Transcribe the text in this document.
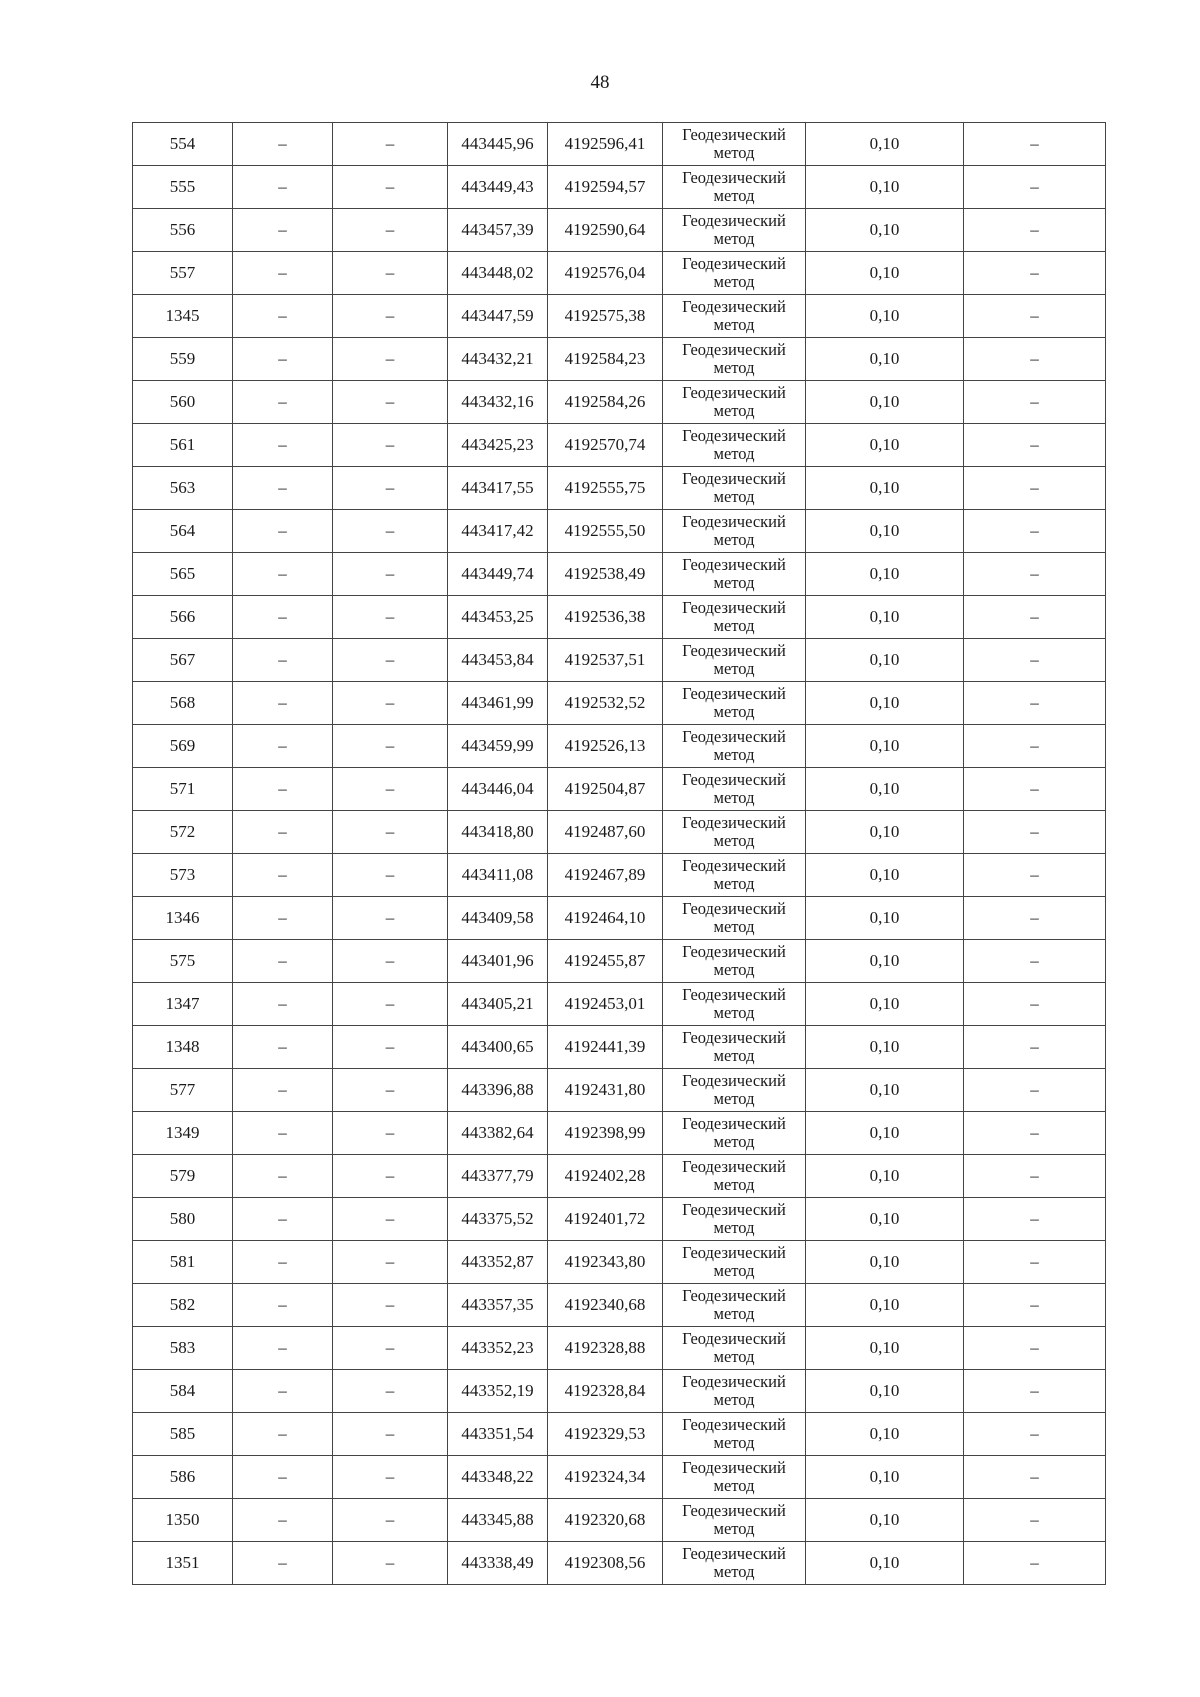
48
554	–	–	443445,96	4192596,41	Геодезический
метод	0,10	–
555	–	–	443449,43	4192594,57	Геодезический
метод	0,10	–
556	–	–	443457,39	4192590,64	Геодезический
метод	0,10	–
557	–	–	443448,02	4192576,04	Геодезический
метод	0,10	–
1345	–	–	443447,59	4192575,38	Геодезический
метод	0,10	–
559	–	–	443432,21	4192584,23	Геодезический
метод	0,10	–
560	–	–	443432,16	4192584,26	Геодезический
метод	0,10	–
561	–	–	443425,23	4192570,74	Геодезический
метод	0,10	–
563	–	–	443417,55	4192555,75	Геодезический
метод	0,10	–
564	–	–	443417,42	4192555,50	Геодезический
метод	0,10	–
565	–	–	443449,74	4192538,49	Геодезический
метод	0,10	–
566	–	–	443453,25	4192536,38	Геодезический
метод	0,10	–
567	–	–	443453,84	4192537,51	Геодезический
метод	0,10	–
568	–	–	443461,99	4192532,52	Геодезический
метод	0,10	–
569	–	–	443459,99	4192526,13	Геодезический
метод	0,10	–
571	–	–	443446,04	4192504,87	Геодезический
метод	0,10	–
572	–	–	443418,80	4192487,60	Геодезический
метод	0,10	–
573	–	–	443411,08	4192467,89	Геодезический
метод	0,10	–
1346	–	–	443409,58	4192464,10	Геодезический
метод	0,10	–
575	–	–	443401,96	4192455,87	Геодезический
метод	0,10	–
1347	–	–	443405,21	4192453,01	Геодезический
метод	0,10	–
1348	–	–	443400,65	4192441,39	Геодезический
метод	0,10	–
577	–	–	443396,88	4192431,80	Геодезический
метод	0,10	–
1349	–	–	443382,64	4192398,99	Геодезический
метод	0,10	–
579	–	–	443377,79	4192402,28	Геодезический
метод	0,10	–
580	–	–	443375,52	4192401,72	Геодезический
метод	0,10	–
581	–	–	443352,87	4192343,80	Геодезический
метод	0,10	–
582	–	–	443357,35	4192340,68	Геодезический
метод	0,10	–
583	–	–	443352,23	4192328,88	Геодезический
метод	0,10	–
584	–	–	443352,19	4192328,84	Геодезический
метод	0,10	–
585	–	–	443351,54	4192329,53	Геодезический
метод	0,10	–
586	–	–	443348,22	4192324,34	Геодезический
метод	0,10	–
1350	–	–	443345,88	4192320,68	Геодезический
метод	0,10	–
1351	–	–	443338,49	4192308,56	Геодезический
метод	0,10	–
